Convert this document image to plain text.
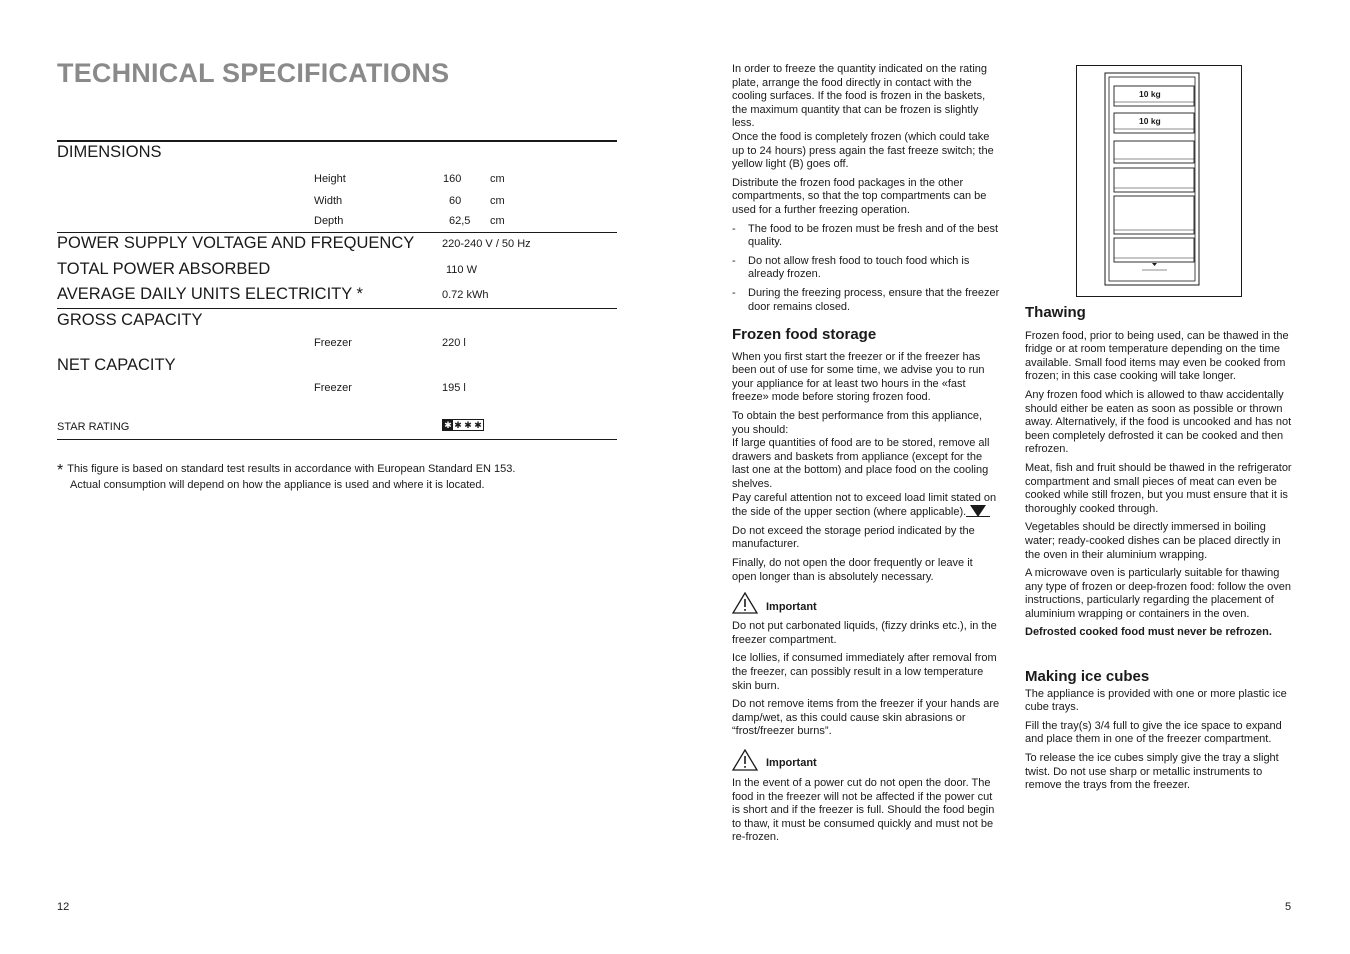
TECHNICAL SPECIFICATIONS
DIMENSIONS
Height	160	cm
Width	60	cm
Depth	62,5 cm
POWER SUPPLY VOLTAGE AND FREQUENCY	220-240 V / 50 Hz
TOTAL POWER ABSORBED	110 W
AVERAGE DAILY UNITS ELECTRICITY *	0.72 kWh
GROSS CAPACITY
Freezer	220 l
NET CAPACITY
Freezer	195 l
STAR RATING	✱ ✱ ✱ ✱
* This figure is based on standard test results in accordance with European Standard EN 153.
Actual consumption will depend on how the appliance is used and where it is located.
12

In order to freeze the quantity indicated on the rating plate, arrange the food directly in contact with the cooling surfaces. If the food is frozen in the baskets, the maximum quantity that can be frozen is slightly less.

Once the food is completely frozen (which could take up to 24 hours) press again the fast freeze switch; the yellow light (B) goes off.

Distribute the frozen food packages in the other compartments, so that the top compartments can be used for a further freezing operation.

- The food to be frozen must be fresh and of the best quality.
- Do not allow fresh food to touch food which is already frozen.
- During the freezing process, ensure that the freezer door remains closed.
Frozen food storage

When you first start the freezer or if the freezer has been out of use for some time, we advise you to run your appliance for at least two hours in the «fast freeze» mode before storing frozen food.

To obtain the best performance from this appliance, you should:

If large quantities of food are to be stored, remove all drawers and baskets from appliance (except for the last one at the bottom) and place food on the cooling shelves.

Pay careful attention not to exceed load limit stated on the side of the upper section (where applicable).

Do not exceed the storage period indicated by the manufacturer.

Finally, do not open the door frequently or leave it open longer than is absolutely necessary.

Important

Do not put carbonated liquids, (fizzy drinks etc.), in the freezer compartment.

Ice lollies, if consumed immediately after removal from the freezer, can possibly result in a low temperature skin burn.

Do not remove items from the freezer if your hands are damp/wet, as this could cause skin abrasions or “frost/freezer burns”.

Important

In the event of a power cut do not open the door. The food in the freezer will not be affected if the power cut is short and if the freezer is full. Should the food begin to thaw, it must be consumed quickly and must not be re-frozen.

10 kg
10 kg
Thawing

Frozen food, prior to being used, can be thawed in the fridge or at room temperature depending on the time available. Small food items may even be cooked from frozen; in this case cooking will take longer.

Any frozen food which is allowed to thaw accidentally should either be eaten as soon as possible or thrown away. Alternatively, if the food is uncooked and has not been completely defrosted it can be cooked and then refrozen.

Meat, fish and fruit should be thawed in the refrigerator compartment and small pieces of meat can even be cooked while still frozen, but you must ensure that it is thoroughly cooked through.

Vegetables should be directly immersed in boiling water; ready-cooked dishes can be placed directly in the oven in their aluminium wrapping.

A microwave oven is particularly suitable for thawing any type of frozen or deep-frozen food: follow the oven instructions, particularly regarding the placement of aluminium wrapping or containers in the oven.

Defrosted cooked food must never be refrozen.

Making ice cubes

The appliance is provided with one or more plastic ice cube trays.

Fill the tray(s) 3/4 full to give the ice space to expand and place them in one of the freezer compartment.

To release the ice cubes simply give the tray a slight twist. Do not use sharp or metallic instruments to remove the trays from the freezer.

5
